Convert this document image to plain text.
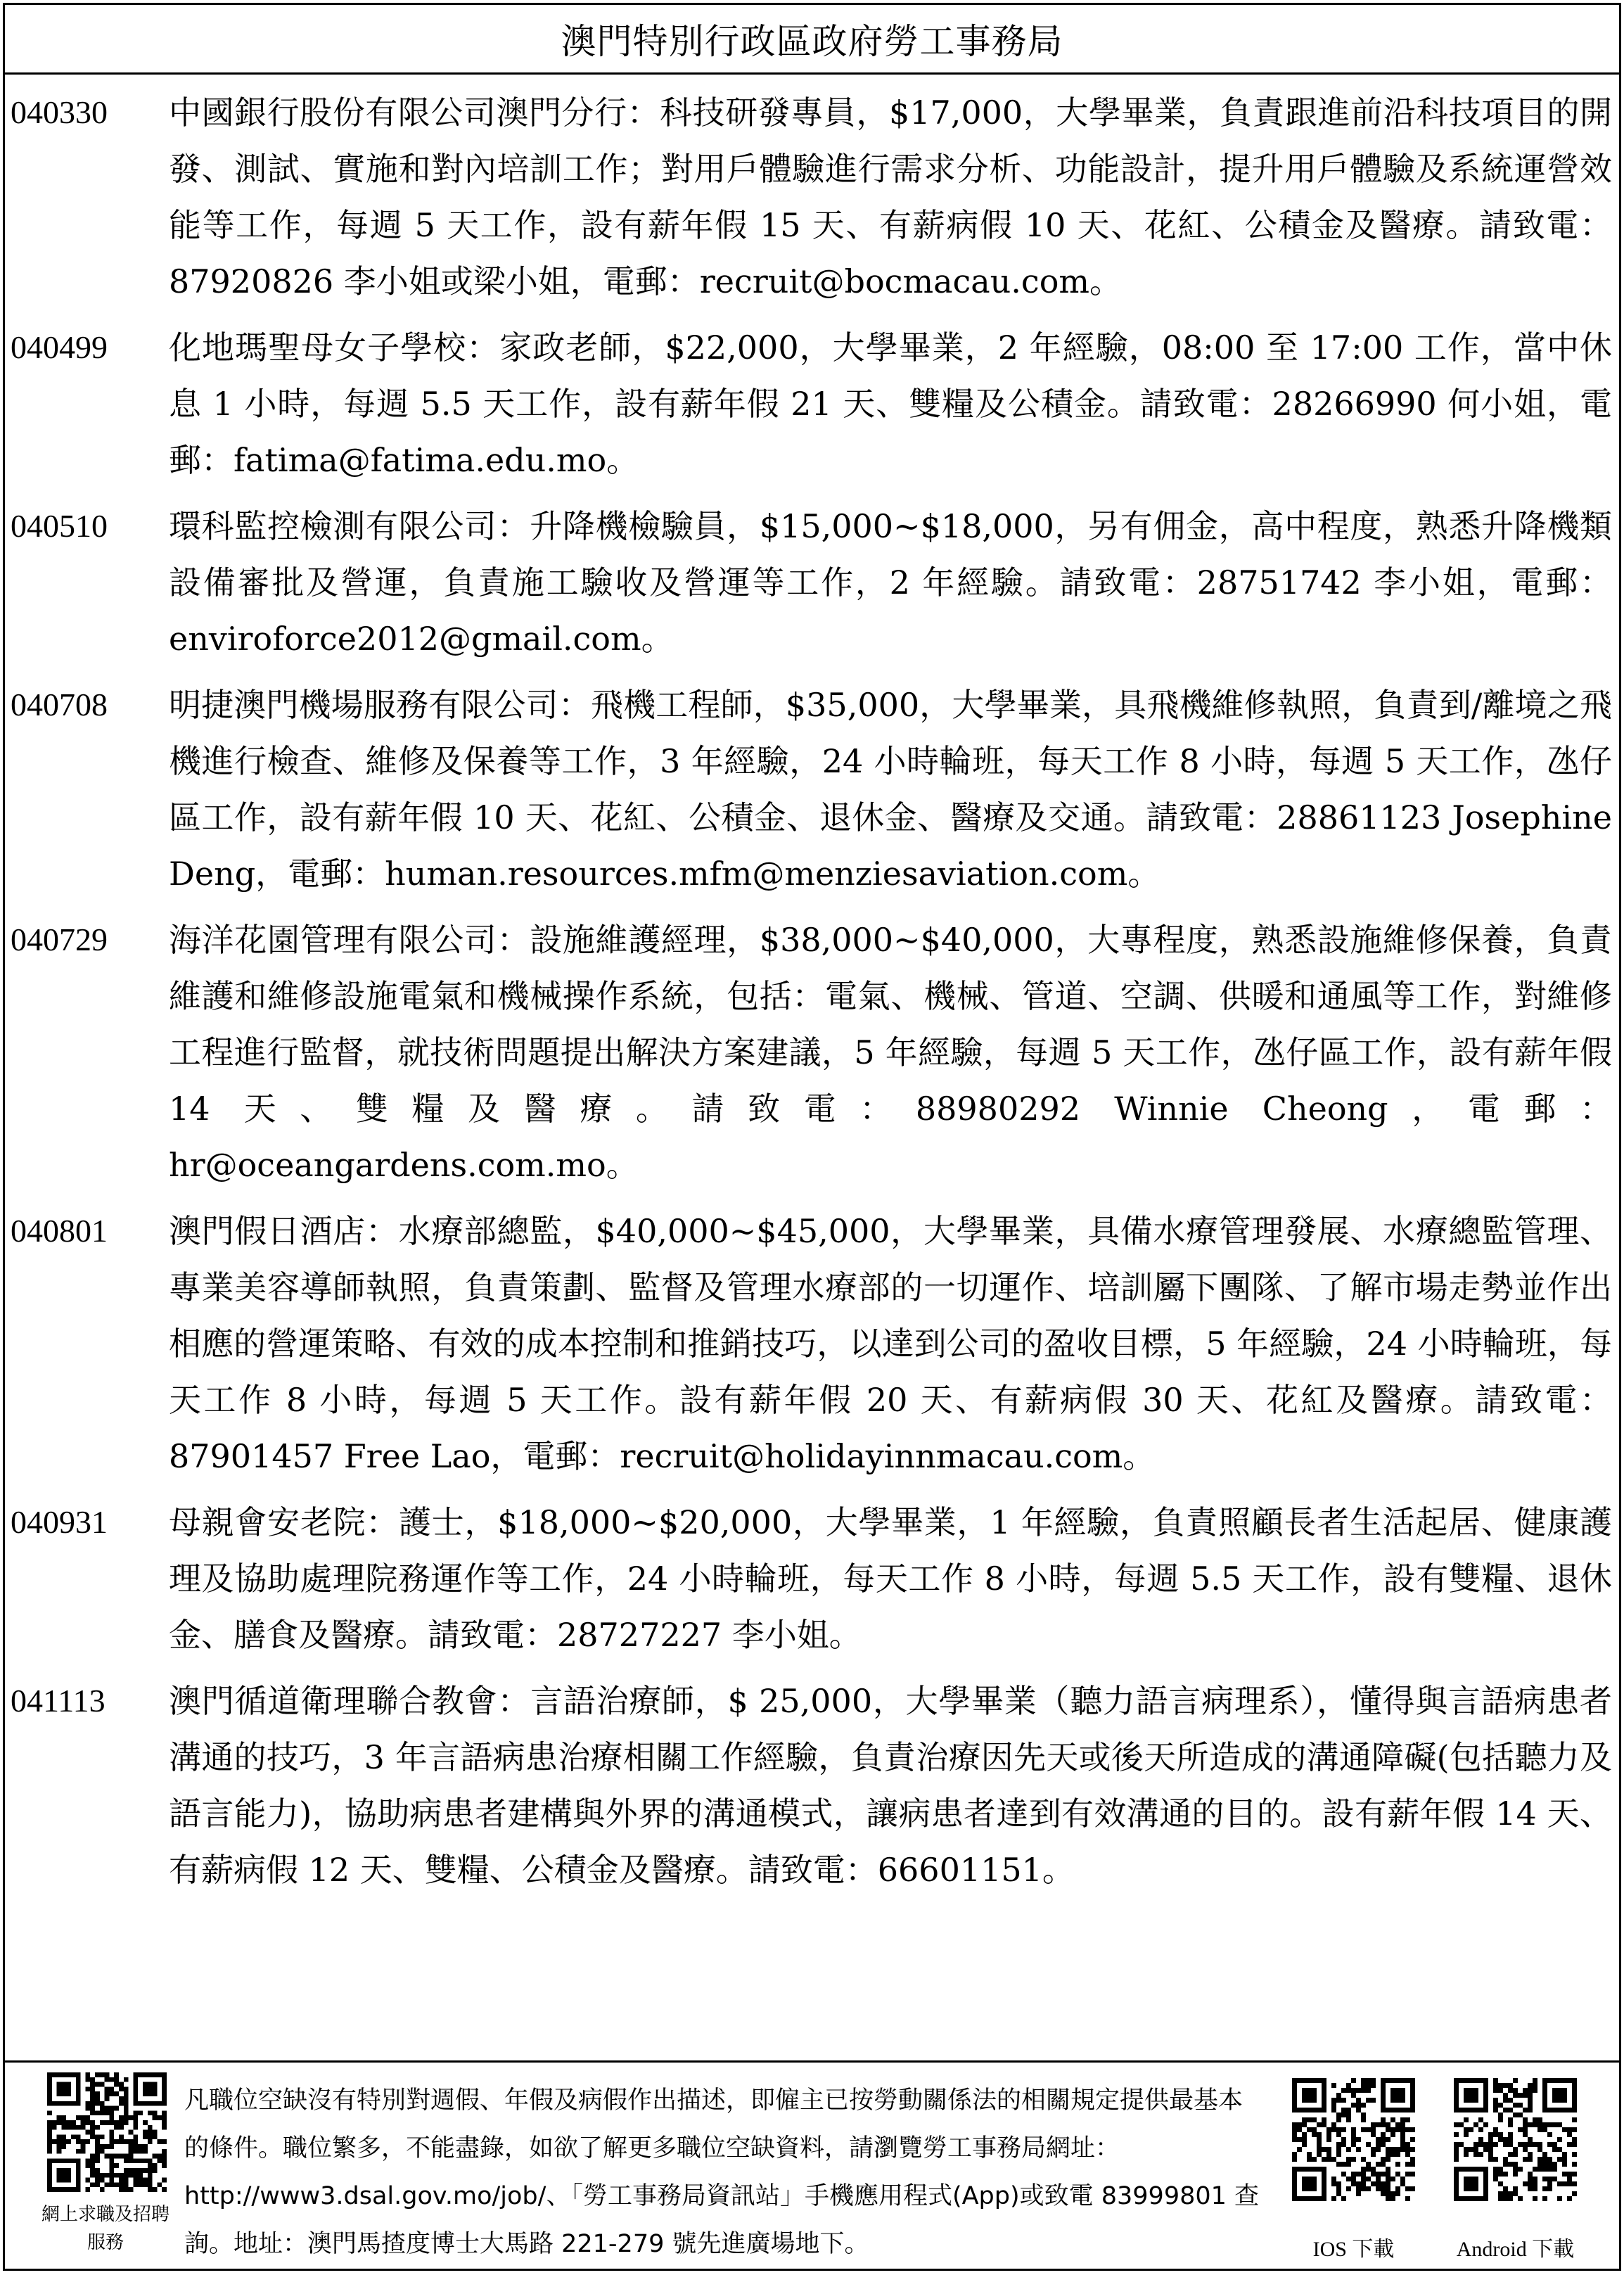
澳門特別行政區政府勞工事務局
040330	中國銀行股份有限公司澳門分行：科技研發專員，$17,000，大學畢業，負責跟進前沿科技項目的開發、測試、實施和對內培訓工作；對用戶體驗進行需求分析、功能設計，提升用戶體驗及系統運營效能等工作，每週 5 天工作，設有薪年假 15 天、有薪病假 10 天、花紅、公積金及醫療。請致電：87920826 李小姐或梁小姐，電郵：recruit@bocmacau.com。
040499	化地瑪聖母女子學校：家政老師，$22,000，大學畢業，2 年經驗，08:00 至 17:00 工作，當中休息 1 小時，每週 5.5 天工作，設有薪年假 21 天、雙糧及公積金。請致電：28266990 何小姐，電郵：fatima@fatima.edu.mo。
040510	環科監控檢測有限公司：升降機檢驗員，$15,000~$18,000，另有佣金，高中程度，熟悉升降機類設備審批及營運，負責施工驗收及營運等工作，2 年經驗。請致電：28751742 李小姐，電郵：enviroforce2012@gmail.com。
040708	明捷澳門機場服務有限公司：飛機工程師，$35,000，大學畢業，具飛機維修執照，負責到/離境之飛機進行檢查、維修及保養等工作，3 年經驗，24 小時輪班，每天工作 8 小時，每週 5 天工作，氹仔區工作，設有薪年假 10 天、花紅、公積金、退休金、醫療及交通。請致電：28861123 Josephine Deng，電郵：human.resources.mfm@menziesaviation.com。
040729	海洋花園管理有限公司：設施維護經理，$38,000~$40,000，大專程度，熟悉設施維修保養，負責維護和維修設施電氣和機械操作系統，包括：電氣、機械、管道、空調、供暖和通風等工作，對維修工程進行監督，就技術問題提出解決方案建議，5 年經驗，每週 5 天工作，氹仔區工作，設有薪年假 14 天、雙糧及醫療。請致電：88980292 Winnie Cheong，電郵：hr@oceangardens.com.mo。
040801	澳門假日酒店：水療部總監，$40,000~$45,000，大學畢業，具備水療管理發展、水療總監管理、專業美容導師執照，負責策劃、監督及管理水療部的一切運作、培訓屬下團隊、了解市場走勢並作出相應的營運策略、有效的成本控制和推銷技巧，以達到公司的盈收目標，5 年經驗，24 小時輪班，每天工作 8 小時，每週 5 天工作。設有薪年假 20 天、有薪病假 30 天、花紅及醫療。請致電：87901457 Free Lao，電郵：recruit@holidayinnmacau.com。
040931	母親會安老院：護士，$18,000~$20,000，大學畢業，1 年經驗，負責照顧長者生活起居、健康護理及協助處理院務運作等工作，24 小時輪班，每天工作 8 小時，每週 5.5 天工作，設有雙糧、退休金、膳食及醫療。請致電：28727227 李小姐。
041113	澳門循道衛理聯合教會：言語治療師，$ 25,000，大學畢業（聽力語言病理系），懂得與言語病患者溝通的技巧，3 年言語病患治療相關工作經驗，負責治療因先天或後天所造成的溝通障礙(包括聽力及語言能力)，協助病患者建構與外界的溝通模式，讓病患者達到有效溝通的目的。設有薪年假 14 天、有薪病假 12 天、雙糧、公積金及醫療。請致電：66601151。
網上求職及招聘服務
凡職位空缺沒有特別對週假、年假及病假作出描述，即僱主已按勞動關係法的相關規定提供最基本的條件。職位繁多，不能盡錄，如欲了解更多職位空缺資料，請瀏覽勞工事務局網址：http://www3.dsal.gov.mo/job/、「勞工事務局資訊站」手機應用程式(App)或致電 83999801 查詢。地址：澳門馬揸度博士大馬路 221-279 號先進廣場地下。	IOS 下載	Android 下載
